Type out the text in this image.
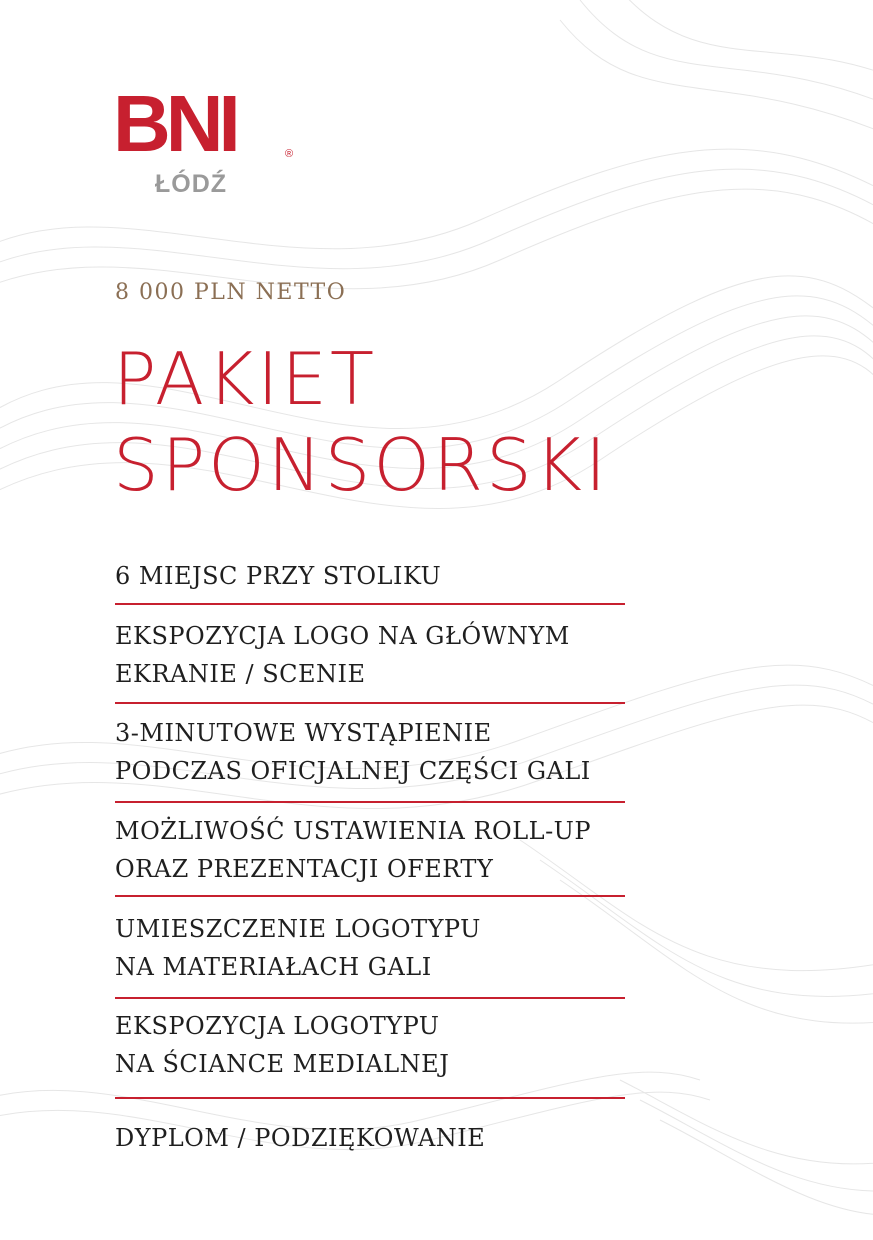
BNI	®
ŁÓDŹ
8 000 PLN NETTO
PAKIET
SPONSORSKI
6 MIEJSC PRZY STOLIKU
EKSPOZYCJA LOGO NA GŁÓWNYM
EKRANIE / SCENIE
3-MINUTOWE WYSTĄPIENIE
PODCZAS OFICJALNEJ CZĘŚCI GALI
MOŻLIWOŚĆ USTAWIENIA ROLL-UP
ORAZ PREZENTACJI OFERTY
UMIESZCZENIE LOGOTYPU
NA MATERIAŁACH GALI
EKSPOZYCJA LOGOTYPU
NA ŚCIANCE MEDIALNEJ
DYPLOM / PODZIĘKOWANIE
